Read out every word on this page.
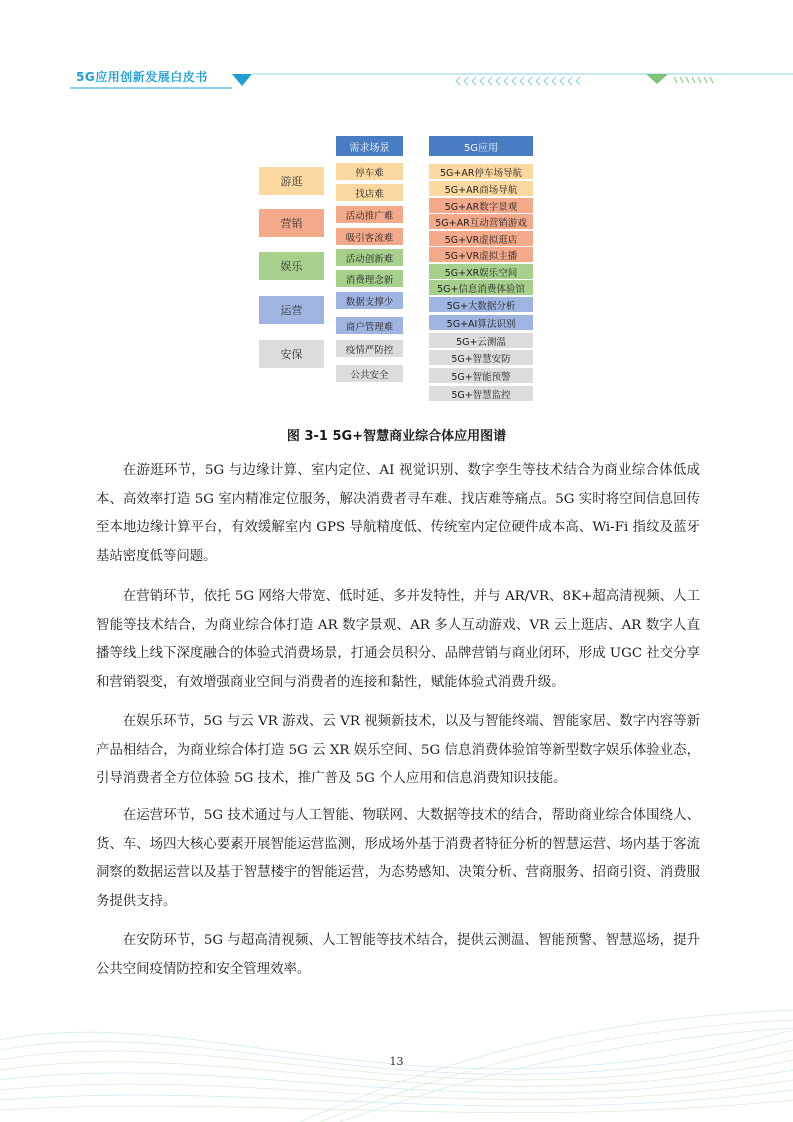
5G应用创新发展白皮书
游逛
营销
娱乐
运营
安保
需求场景	5G应用
停车难
找店难
活动推广难
吸引客流难
活动创新难
消费理念新
数据支撑少
商户管理难
疫情严防控
公共安全
5G+AR停车场导航
5G+AR商场导航
5G+AR数字景观
5G+AR互动营销游戏
5G+VR虚拟逛店
5G+VR虚拟主播
5G+XR娱乐空间
5G+信息消费体验馆
5G+大数据分析
5G+AI算法识别
5G+云测温
5G+智慧安防
5G+智能预警
5G+智慧监控
图 3-1 5G+智慧商业综合体应用图谱

在游逛环节，5G 与边缘计算、室内定位、AI 视觉识别、数字孪生等技术结合为商业综合体低成本、高效率打造 5G 室内精准定位服务，解决消费者寻车难、找店难等痛点。5G 实时将空间信息回传至本地边缘计算平台，有效缓解室内 GPS 导航精度低、传统室内定位硬件成本高、Wi-Fi 指纹及蓝牙基站密度低等问题。

在营销环节，依托 5G 网络大带宽、低时延、多并发特性，并与 AR/VR、8K+超高清视频、人工智能等技术结合，为商业综合体打造 AR 数字景观、AR 多人互动游戏、VR 云上逛店、AR 数字人直播等线上线下深度融合的体验式消费场景，打通会员积分、品牌营销与商业闭环，形成 UGC 社交分享和营销裂变，有效增强商业空间与消费者的连接和黏性，赋能体验式消费升级。

在娱乐环节，5G 与云 VR 游戏、云 VR 视频新技术，以及与智能终端、智能家居、数字内容等新产品相结合，为商业综合体打造 5G 云 XR 娱乐空间、5G 信息消费体验馆等新型数字娱乐体验业态，引导消费者全方位体验 5G 技术，推广普及 5G 个人应用和信息消费知识技能。

在运营环节，5G 技术通过与人工智能、物联网、大数据等技术的结合，帮助商业综合体围绕人、货、车、场四大核心要素开展智能运营监测，形成场外基于消费者特征分析的智慧运营、场内基于客流洞察的数据运营以及基于智慧楼宇的智能运营，为态势感知、决策分析、营商服务、招商引资、消费服务提供支持。

在安防环节，5G 与超高清视频、人工智能等技术结合，提供云测温、智能预警、智慧巡场，提升公共空间疫情防控和安全管理效率。

13
